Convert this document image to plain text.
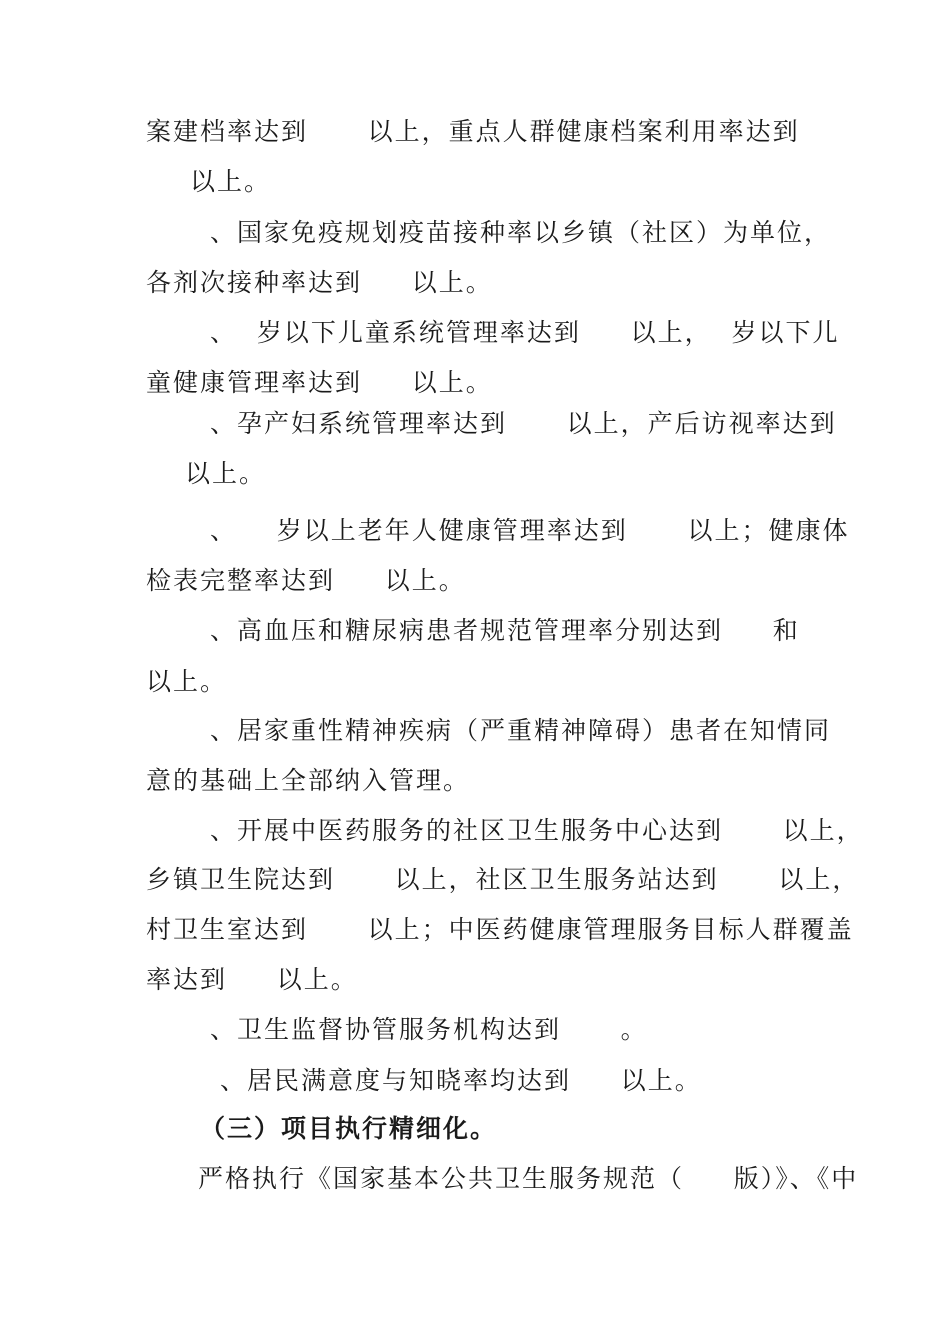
案建档率达到      以上，重点人群健康档案利用率达到
以上。
、国家免疫规划疫苗接种率以乡镇（社区）为单位，
各剂次接种率达到     以上。
、  岁以下儿童系统管理率达到     以上，  岁以下儿
童健康管理率达到     以上。
、孕产妇系统管理率达到      以上，产后访视率达到
以上。
、    岁以上老年人健康管理率达到      以上；健康体
检表完整率达到     以上。
、高血压和糖尿病患者规范管理率分别达到     和
以上。
、居家重性精神疾病（严重精神障碍）患者在知情同
意的基础上全部纳入管理。
、开展中医药服务的社区卫生服务中心达到      以上，
乡镇卫生院达到      以上，社区卫生服务站达到      以上，
村卫生室达到      以上；中医药健康管理服务目标人群覆盖
率达到     以上。
、卫生监督协管服务机构达到      。
、居民满意度与知晓率均达到     以上。
（三）项目执行精细化。
严格执行《国家基本公共卫生服务规范（     版）》、《中
